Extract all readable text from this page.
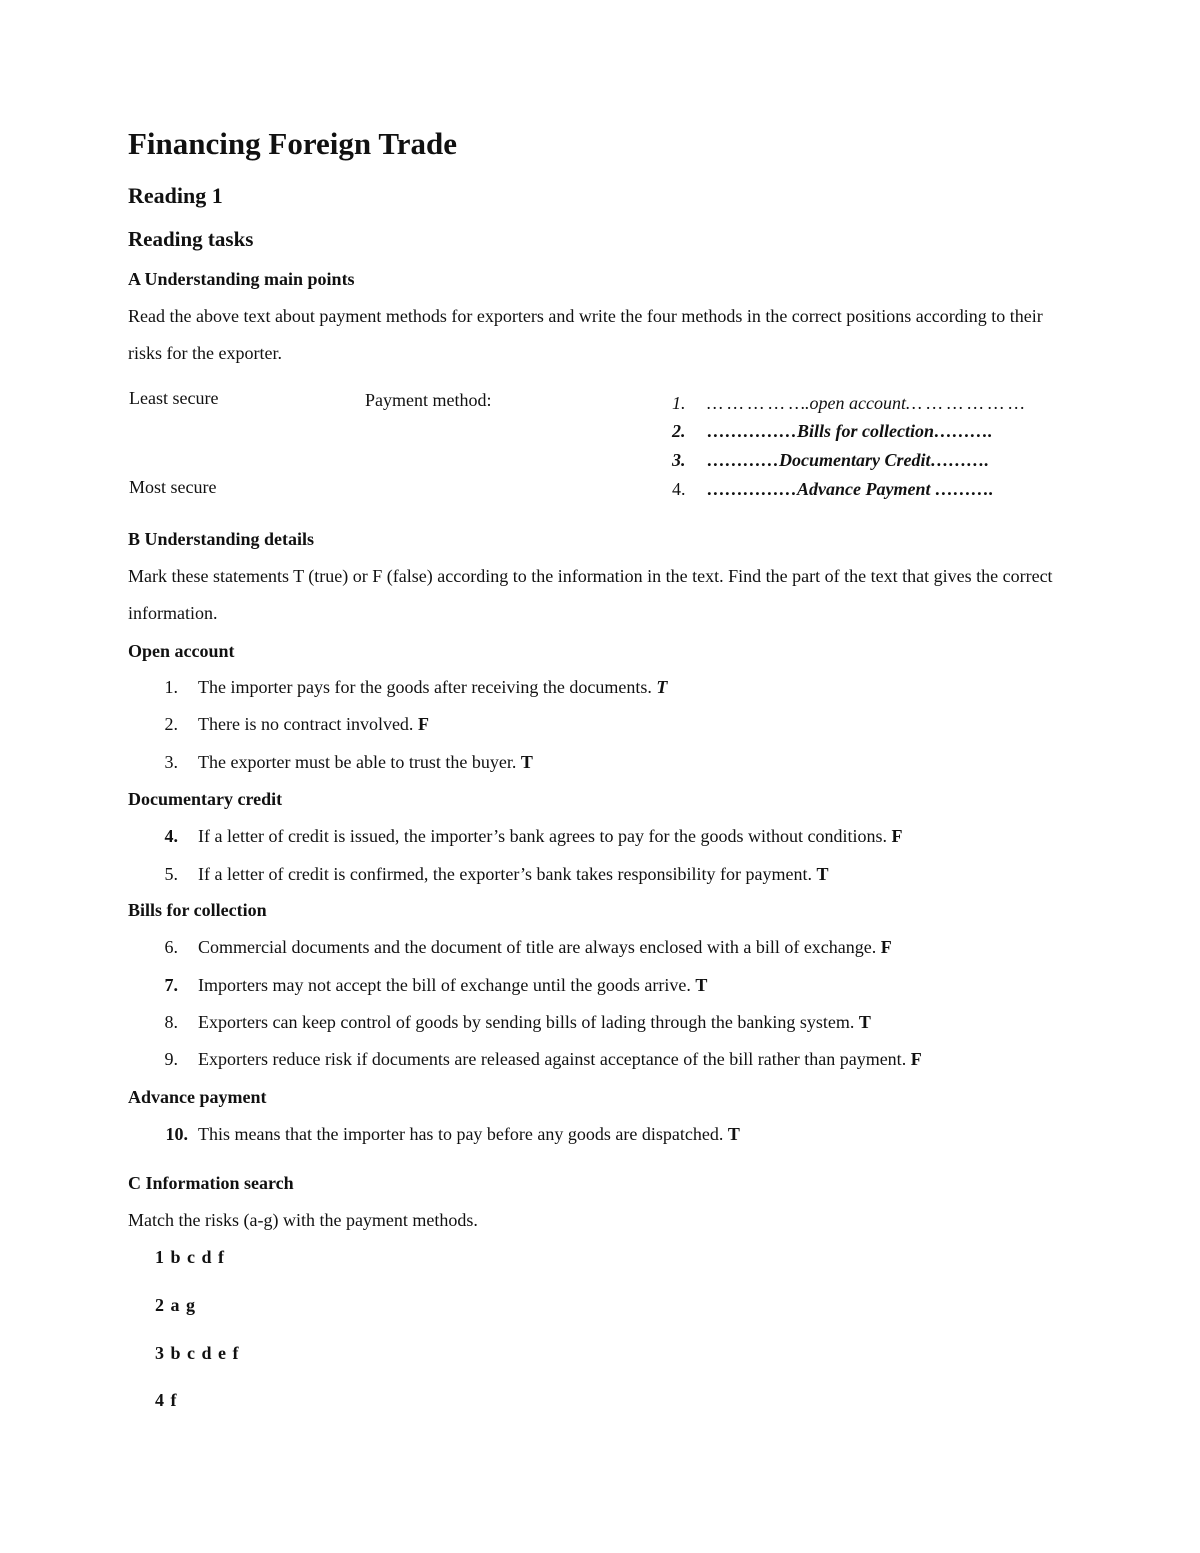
Financing Foreign Trade
Reading 1
Reading tasks
A Understanding main points
Read the above text about payment methods for exporters and write the four methods in the correct positions according to their risks for the exporter.
Least secure	Payment method:
Most secure
1. … … … … ….open account… … … … … …
2. ……………Bills for collection……….
3. …………Documentary Credit……….
4. ……………Advance Payment ……….
B Understanding details
Mark these statements T (true) or F (false) according to the information in the text. Find the part of the text that gives the correct information.
Open account
1. The importer pays for the goods after receiving the documents. T
2. There is no contract involved. F
3. The exporter must be able to trust the buyer. T
Documentary credit
4. If a letter of credit is issued, the importer’s bank agrees to pay for the goods without conditions. F
5. If a letter of credit is confirmed, the exporter’s bank takes responsibility for payment. T
Bills for collection
6. Commercial documents and the document of title are always enclosed with a bill of exchange. F
7. Importers may not accept the bill of exchange until the goods arrive. T
8. Exporters can keep control of goods by sending bills of lading through the banking system. T
9. Exporters reduce risk if documents are released against acceptance of the bill rather than payment. F
Advance payment
10. This means that the importer has to pay before any goods are dispatched. T
C Information search
Match the risks (a-g) with the payment methods.
1 b c d f
2 a g
3 b c d e f
4 f
